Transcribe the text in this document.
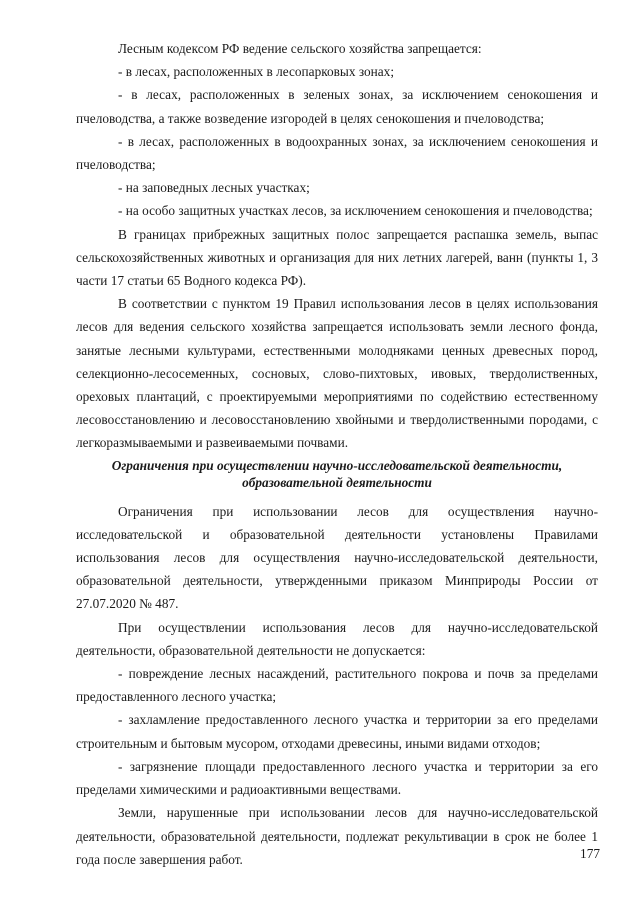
Лесным кодексом РФ ведение сельского хозяйства запрещается:

- в лесах, расположенных в лесопарковых зонах;

- в лесах, расположенных в зеленых зонах, за исключением сенокошения и пчеловодства, а также возведение изгородей в целях сенокошения и пчеловодства;

- в лесах, расположенных в водоохранных зонах, за исключением сенокошения и пчеловодства;

- на заповедных лесных участках;

- на особо защитных участках лесов, за исключением сенокошения и пчеловодства;

В границах прибрежных защитных полос запрещается распашка земель, выпас сельскохозяйственных животных и организация для них летних лагерей, ванн (пункты 1, 3 части 17 статьи 65 Водного кодекса РФ).

В соответствии с пунктом 19 Правил использования лесов в целях использования лесов для ведения сельского хозяйства запрещается использовать земли лесного фонда, занятые лесными культурами, естественными молодняками ценных древесных пород, селекционно-лесосеменных, сосновых, слово-пихтовых, ивовых, твердолиственных, ореховых плантаций, с проектируемыми мероприятиями по содействию естественному лесовосстановлению и лесовосстановлению хвойными и твердолиственными породами, с легкоразмываемыми и развеиваемыми почвами.

Ограничения при осуществлении научно-исследовательской деятельности,

образовательной деятельности

Ограничения при использовании лесов для осуществления научно-исследовательской и образовательной деятельности установлены Правилами использования лесов для осуществления научно-исследовательской деятельности, образовательной деятельности, утвержденными приказом Минприроды России от 27.07.2020 № 487.

При осуществлении использования лесов для научно-исследовательской деятельности, образовательной деятельности не допускается:

- повреждение лесных насаждений, растительного покрова и почв за пределами предоставленного лесного участка;

- захламление предоставленного лесного участка и территории за его пределами строительным и бытовым мусором, отходами древесины, иными видами отходов;

- загрязнение площади предоставленного лесного участка и территории за его пределами химическими и радиоактивными веществами.

Земли, нарушенные при использовании лесов для научно-исследовательской деятельности, образовательной деятельности, подлежат рекультивации в срок не более 1 года после завершения работ.	177
